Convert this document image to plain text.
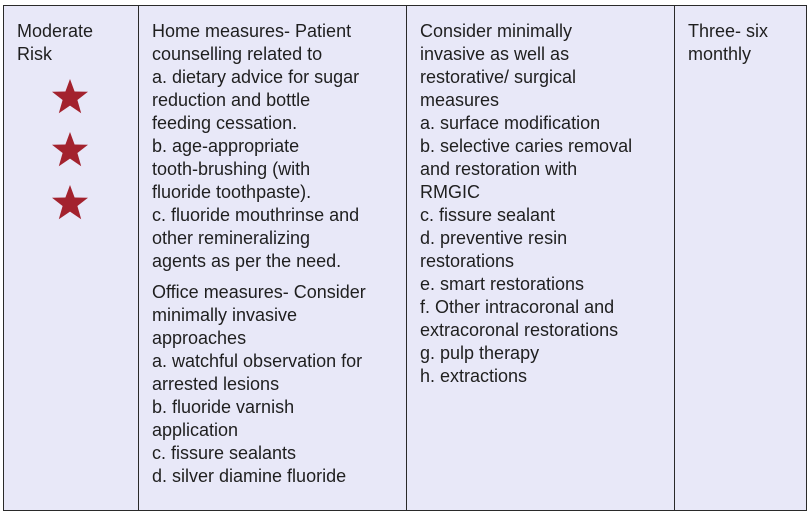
Moderate
Risk
Home measures- Patient
counselling related to
a. dietary advice for sugar
reduction and bottle
feeding cessation.
b. age-appropriate
tooth-brushing (with
fluoride toothpaste).
c. fluoride mouthrinse and
other remineralizing
agents as per the need.
Office measures- Consider
minimally invasive
approaches
a. watchful observation for
arrested lesions
b. fluoride varnish
application
c. fissure sealants
d. silver diamine fluoride
Consider minimally
invasive as well as
restorative/ surgical
measures
a. surface modification
b. selective caries removal
and restoration with
RMGIC
c. fissure sealant
d. preventive resin
restorations
e. smart restorations
f. Other intracoronal and
extracoronal restorations
g. pulp therapy
h. extractions
Three- six
monthly
